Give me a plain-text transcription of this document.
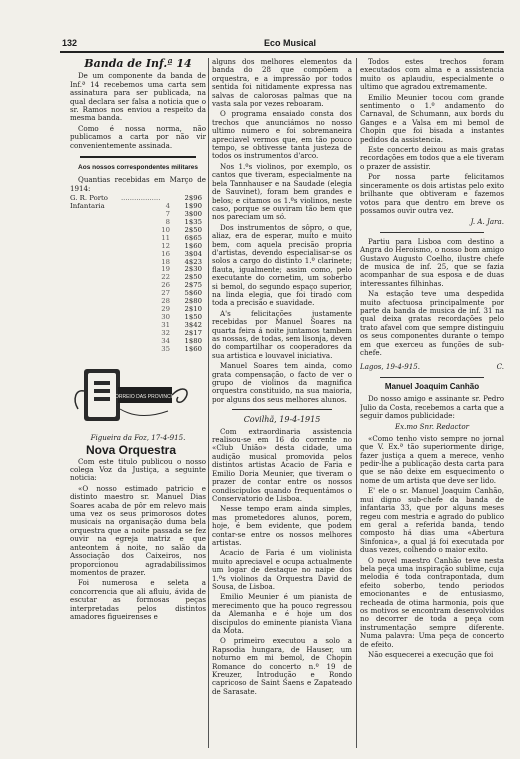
132	Eco Musical
Banda de Inf.ª 14

De um componente da banda de Inf.ª 14 recebemos uma carta sem assinatura para ser publicada, na qual declara ser falsa a noticia que o sr. Ramos nos enviou a respeito da mesma banda.

Como é nossa norma, não publicamos a carta por não vir convenientemente assinada.

Aos nossos correspondentes militares

Quantias recebidas em Março de 1914:

G. R. Porto	..................	2$96
Infantaria	4	1$90
	7	3$00
	8	1$35
	10	2$50
	11	6$65
	12	1$60
	16	3$04
	18	4$23
	19	2$30
	22	2$50
	26	2$75
	27	5$60
	28	2$80
	29	2$10
	30	1$50
	31	3$42
	32	2$17
	34	1$80
	35	1$60
CORREIO DAS PROVINCIAS
Figueira da Foz, 17-4-915.
Nova Orquestra

Com este titulo publicou o nosso colega Voz da Justiça, a seguinte noticia:

«O nosso estimado patricio e distinto maestro sr. Manuel Dias Soares acaba de pôr em relevo mais uma vez os seus primorosos dotes musicais na organisação duma bela orquestra que a noite passada se fez ouvir na egreja matriz e que anteontem á noite, no salão da Associação dos Caixeiros, nos proporcionou agradabilissimos momentos de prazer.

Foi numerosa e seleta a concorrencia que ali afluiu, ávida de escutar as formosas peças interpretadas pelos distintos amadores figueirenses e

alguns dos melhores elementos da banda do 28 que compõem a orquestra, e a impressão por todos sentida foi nitidamente expressa nas salvas de calorosas palmas que na vasta sala por vezes reboaram.

O programa ensaiado consta dos trechos que anunciámos no nosso ultimo numero e foi sobremaneira apreciavel vermos que, em tão pouco tempo, se obtivesse tanta justeza de todos os instrumentos d'arco.

Nos 1.ºs violinos, por exemplo, os cantos que tiveram, especialmente na bela Tannhauser e na Saudade (elegia de Sauvinet), foram bem grandes e belos; e citamos os 1.ºs violinos, neste caso, porque se ouviram tão bem que nos pareciam um só.

Dos instrumentos de sôpro, o que, aliaz, era de esperar, muito e muito bem, com aquela precisão propria d'artistas, devendo especialisar-se os solos a cargo do distinto 1.º clarinete; flauta, igualmente; assim como, pelo executante do cornetim, um soberbo si bemol, do segundo espaço superior, na linda elegia, que foi tirado com toda a precisão e suavidade.

A's felicitações justamente recebidas por Manuel Soares na quarta feira á noite juntamos tambem as nossas, de todas, sem lisonja, deven do compartilhar os cooperadores da sua artistica e louvavel iniciativa.

Manuel Soares tem ainda, como grata compensação, o facto de ver o grupo de violinos da magnifica orquestra constituido, na sua maioria, por alguns dos seus melhores alunos.

Covilhã, 19-4-1915

Com extraordinaria assistencia realisou-se em 16 do corrente no «Club União» desta cidade, uma audição musical promovida pelos distintos artistas Acacio de Faria e Emilio Doria Meunier, que tiveram o prazer de contar entre os nossos condiscipulos quando frequentámos o Conservatorio de Lisboa.

Nesse tempo eram ainda simples, mas prometedores alunos, porem, hoje, é bem evidente, que podem contar-se entre os nossos melhores artistas.

Acacio de Faria é um violinista muito apreciavel e ocupa actualmente um logar de destaque no naipe dos 1.ºs violinos da Orquestra David de Sousa, de Lisboa.

Emilio Meunier é um pianista de merecimento que ha pouco regressou da Alemanha e é hoje um dos discipulos do eminente pianista Viana da Mota.

O primeiro executou a solo a Rapsodia hungara, de Hauser, um noturno em mi bemol, de Chopin Romance do concerto n.º 19 de Kreuzer, Introdução e Rondo capricoso de Saint Saens e Zapateado de Sarasate.

Todos estes trechos foram executados com alma e a assistencia muito os aplaudiu, especialmente o ultimo que agradou extremamente.

Emilio Meunier tocou com grande sentimento o 1.º andamento do Carnaval, de Schumann, aux bords du Ganges e a Valsa em mi bemol de Chopin que foi bisada a instantes pedidos da assistencia.

Este concerto deixou as mais gratas recordações em todos que a ele tiveram o prazer de assistir.

Por nossa parte felicitamos sinceramente os dois artistas pelo exito brilhante que obtiveram e fazemos votos para que dentro em breve os possamos ouvir outra vez.

J. A. Jara.

Partiu para Lisboa com destino a Angra do Heroismo, o nosso bom amigo Gustavo Augusto Coelho, ilustre chefe de musica de inf. 25, que se fazia acompanhar de sua esposa e de duas interessantes filhinhas.

Na estação teve uma despedida muito afectuosa principalmente por parte da banda de musica de inf. 31 na qual deixa gratas recordações pelo trato afavel com que sempre distinguiu os seus componentes durante o tempo em que exerceu as funções de sub-chefe.

Lagos, 19-4-915.	C.
Manuel Joaquim Canhão

Do nosso amigo e assinante sr. Pedro Julio da Costa, recebemos a carta que a seguir damos publicidade:

Ex.mo Snr. Redactor

«Como tenho visto sempre no jornal que V. Ex.ª tão superiormente dirige, fazer justiça a quem a merece, venho pedir-lhe a publicação desta carta para que se não deixe em esquecimento o nome de um artista que deve ser lido.

E' ele o sr. Manuel Joaquim Canhão, mui digno sub-chefe da banda de infantaria 33, que por alguns meses regeu com mestria e agrado do publico em geral a referida banda, tendo composto há dias uma «Abertura Sinfonica», a qual já foi executada por duas vezes, colhendo o maior exito.

O novel maestro Canhão teve nesta bela peça uma inspiração sublime, cuja melodia é toda contrapontada, dum efeito soberbo, tendo periodos emocionantes e de entusiasmo, recheada de otima harmonia, pois que os motivos se encontram desenvolvidos no decorrer de toda a peça com instrumentação sempre diferente. Numa palavra: Uma peça de concerto de efeito.

Não esquecerei a execução que foi
